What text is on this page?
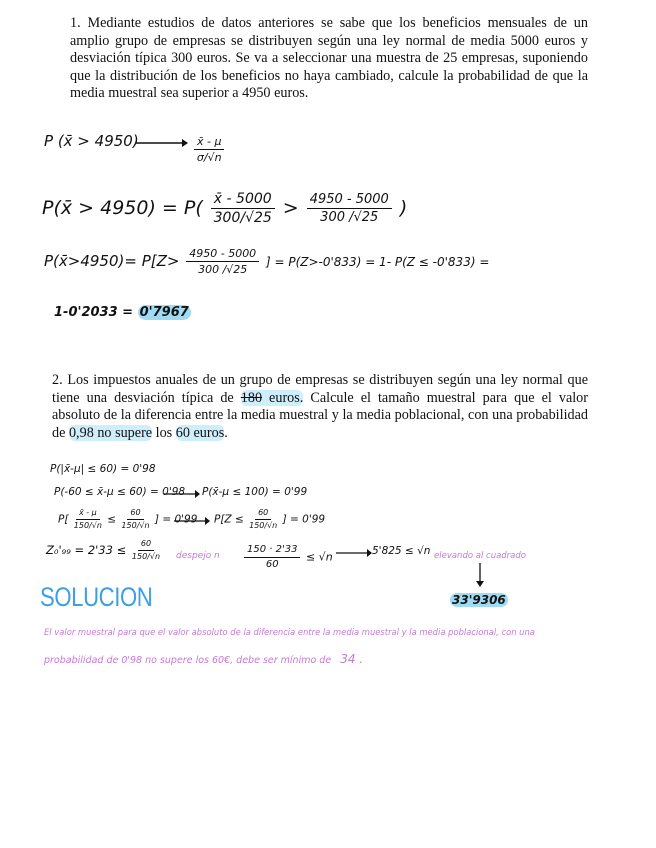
1. Mediante estudios de datos anteriores se sabe que los beneficios mensuales de un amplio grupo de empresas se distribuyen según una ley normal de media 5000 euros y desviación típica 300 euros. Se va a seleccionar una muestra de 25 empresas, suponiendo que la distribución de los beneficios no haya cambiado, calcule la probabilidad de que la media muestral sea superior a 4950 euros.
P (x̄ > 4950)	$\frac{x̄ - \mu}{\sigma/√n}$
P(x̄ > $4950) = P( \frac{x̄ - 5000}{300/√25} > \frac{4950 - 5000}{300 /√25}$ )
P(x̄>4950)= $P[Z> \frac{4950 - 5000}{300 /√25}$ ] = P(Z>-0'833) = 1- P(Z ≤ -0'833) =
1-0'2033 = 0'7967
2. Los impuestos anuales de un grupo de empresas se distribuyen según una ley normal que tiene una desviación típica de 180 euros. Calcule el tamaño muestral para que el valor absoluto de la diferencia entre la media muestral y la media poblacional, con una probabilidad de 0,98 no supere los 60 euros.
P(|x̄-μ| ≤ 60) = 0'98
P(-60 ≤ x̄-μ ≤ 60) = 0'98 P(x̄-μ ≤ 100) = 0'99
$P[ \frac{x̄ - \mu}{150/√n} \le \frac{60}{150/√n}$ ] = 0'99 $P[Z \le \frac{60}{150/√n}$ ] = 0'99
$Z_0'_{99} = 2'33 \le \frac{60}{150/√n}$ despejo n $\frac{150 \cdot 2'33}{60} \le √n$	5'825 ≤ √n elevando al cuadrado
33'9306
SOLUCION
El valor muestral para que el valor absoluto de la diferencia entre la media muestral y la media poblacional, con una
probabilidad de 0'98 no supere los 60€, debe ser mínimo de 34 .
